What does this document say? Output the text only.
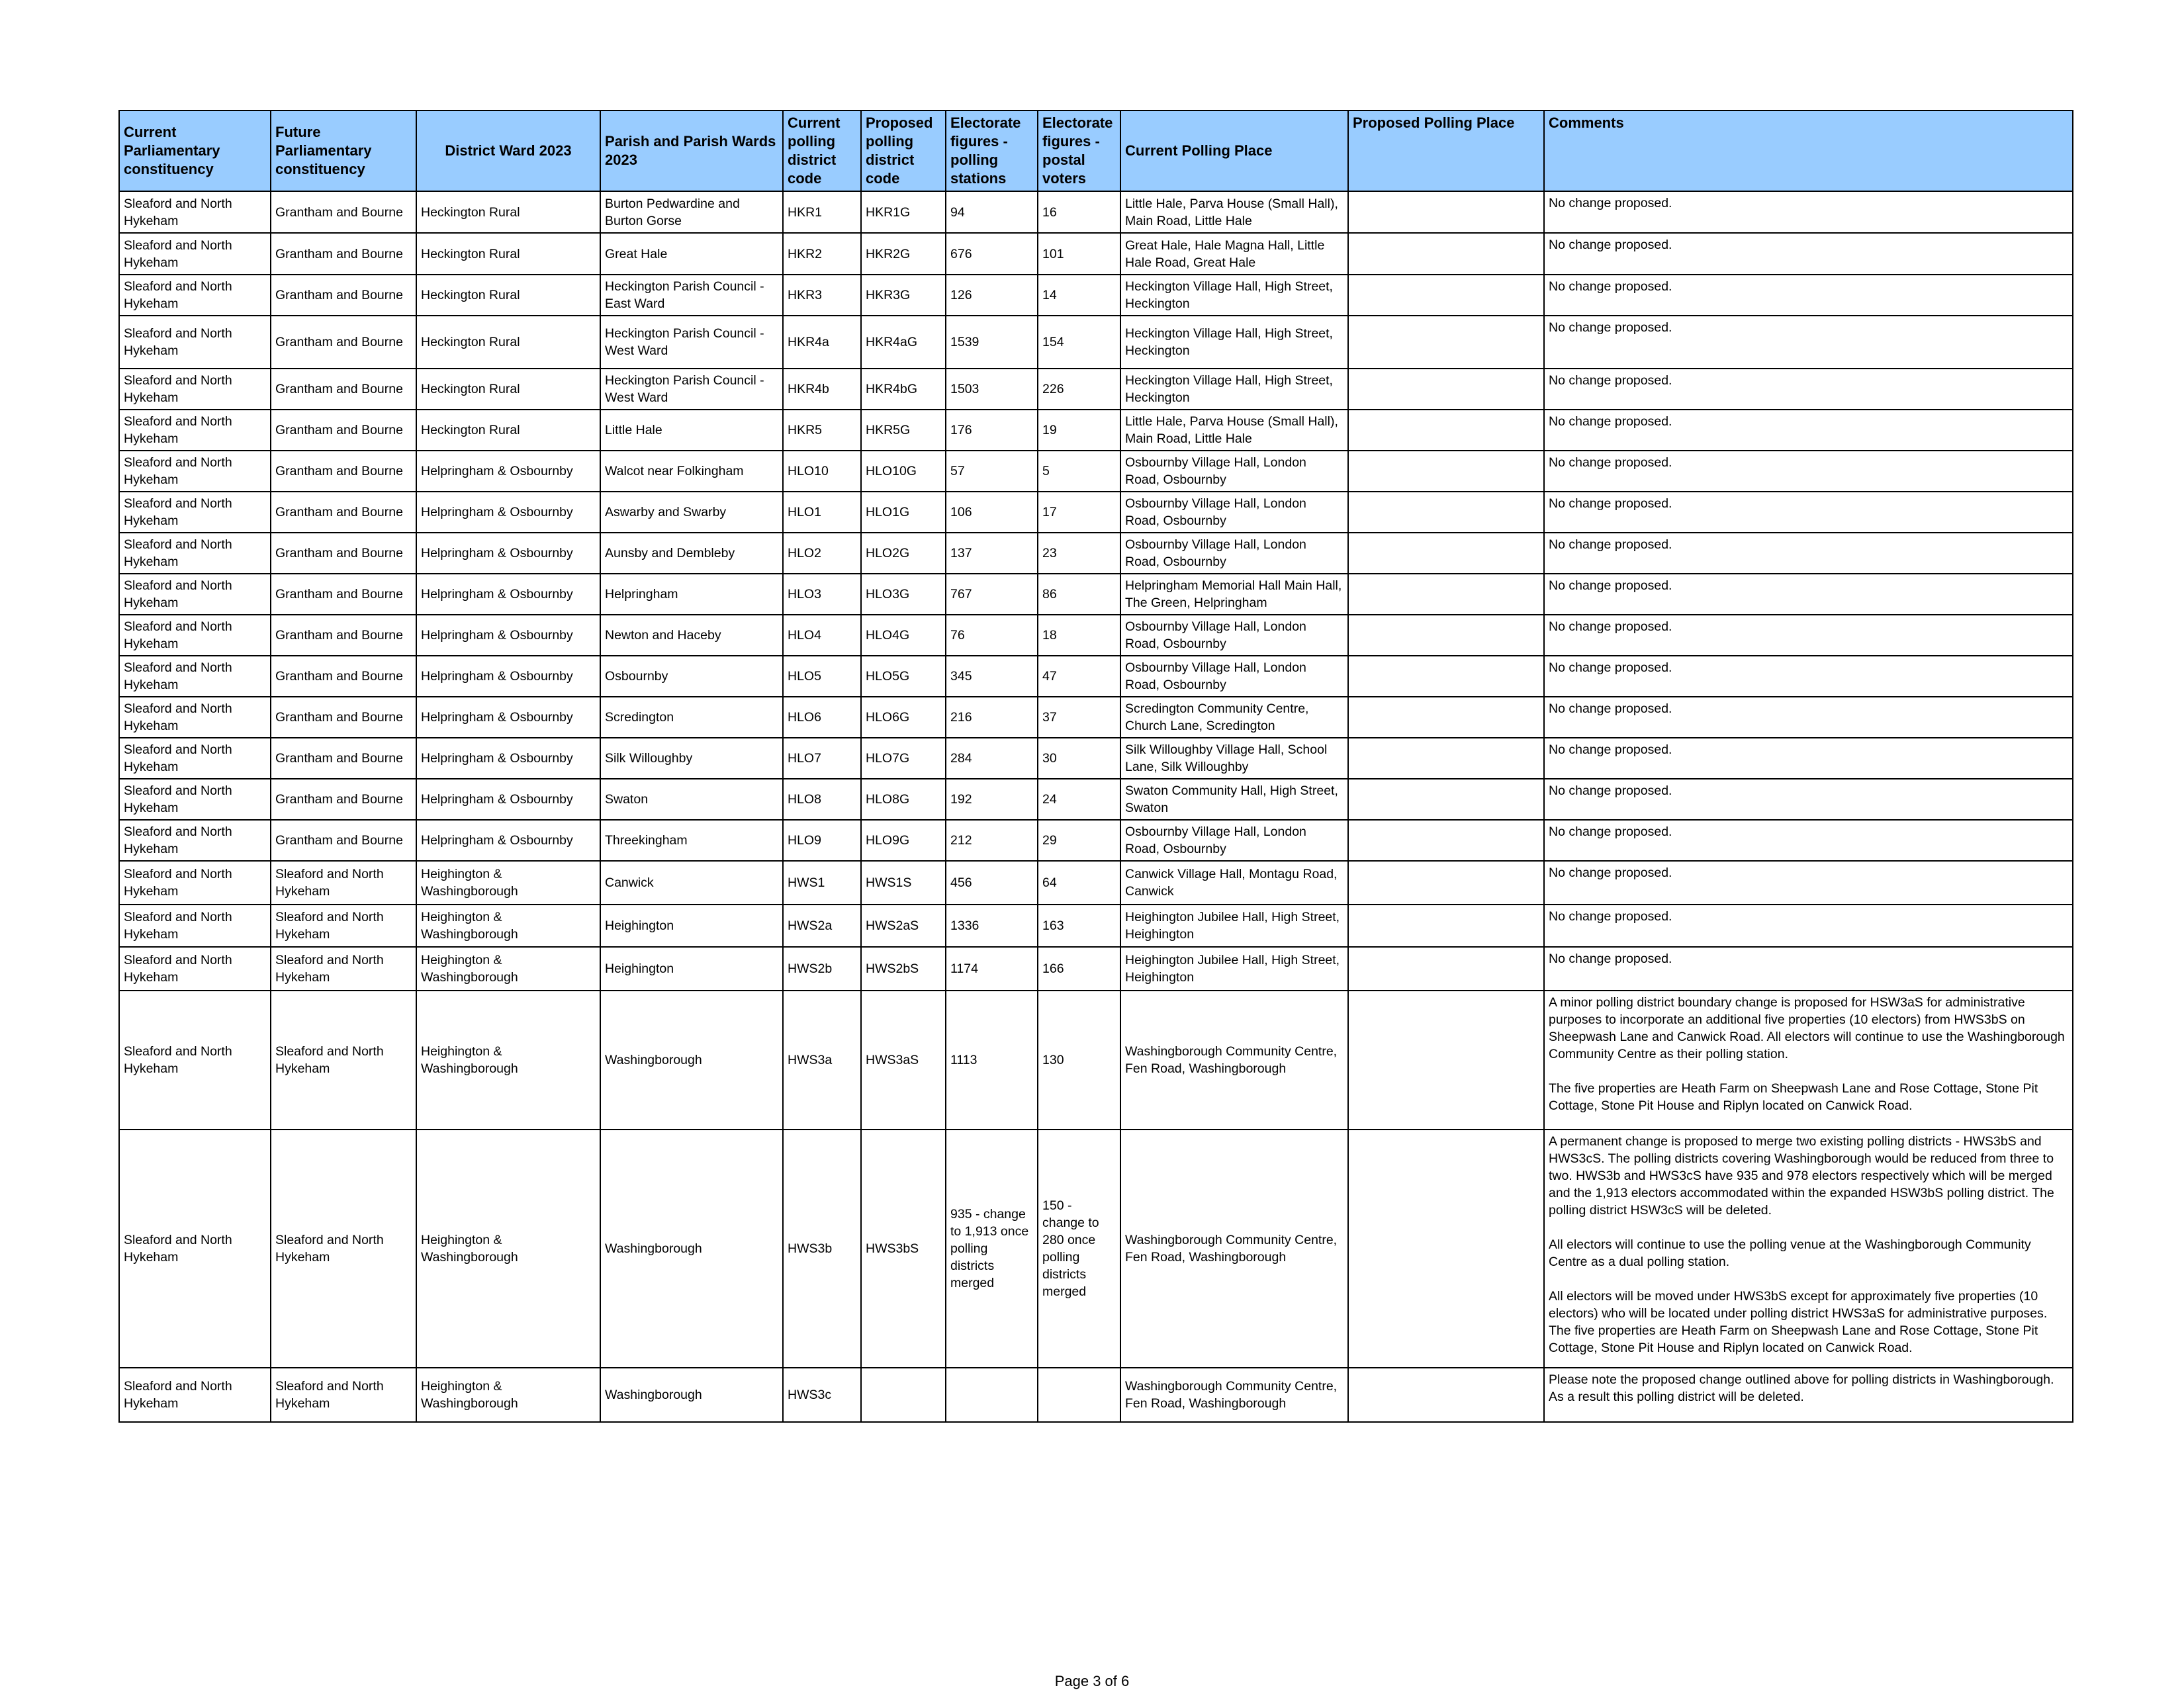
Current Parliamentary constituency	Future Parliamentary constituency	District Ward 2023	Parish and Parish Wards 2023	Current polling district code	Proposed polling district code	Electorate figures - polling stations	Electorate figures - postal voters	Current Polling Place	Proposed Polling Place	Comments
Sleaford and North Hykeham	Grantham and Bourne	Heckington Rural	Burton Pedwardine and Burton Gorse	HKR1	HKR1G	94	16	Little Hale, Parva House (Small Hall), Main Road, Little Hale		No change proposed.
Sleaford and North Hykeham	Grantham and Bourne	Heckington Rural	Great Hale	HKR2	HKR2G	676	101	Great Hale, Hale Magna Hall, Little Hale Road, Great Hale		No change proposed.
Sleaford and North Hykeham	Grantham and Bourne	Heckington Rural	Heckington Parish Council - East Ward	HKR3	HKR3G	126	14	Heckington Village Hall, High Street, Heckington		No change proposed.
Sleaford and North Hykeham	Grantham and Bourne	Heckington Rural	Heckington Parish Council - West Ward	HKR4a	HKR4aG	1539	154	Heckington Village Hall, High Street, Heckington		No change proposed.
Sleaford and North Hykeham	Grantham and Bourne	Heckington Rural	Heckington Parish Council - West Ward	HKR4b	HKR4bG	1503	226	Heckington Village Hall, High Street, Heckington		No change proposed.
Sleaford and North Hykeham	Grantham and Bourne	Heckington Rural	Little Hale	HKR5	HKR5G	176	19	Little Hale, Parva House (Small Hall), Main Road, Little Hale		No change proposed.
Sleaford and North Hykeham	Grantham and Bourne	Helpringham & Osbournby	Walcot near Folkingham	HLO10	HLO10G	57	5	Osbournby Village Hall, London Road, Osbournby		No change proposed.
Sleaford and North Hykeham	Grantham and Bourne	Helpringham & Osbournby	Aswarby and Swarby	HLO1	HLO1G	106	17	Osbournby Village Hall, London Road, Osbournby		No change proposed.
Sleaford and North Hykeham	Grantham and Bourne	Helpringham & Osbournby	Aunsby and Dembleby	HLO2	HLO2G	137	23	Osbournby Village Hall, London Road, Osbournby		No change proposed.
Sleaford and North Hykeham	Grantham and Bourne	Helpringham & Osbournby	Helpringham	HLO3	HLO3G	767	86	Helpringham Memorial Hall Main Hall, The Green, Helpringham		No change proposed.
Sleaford and North Hykeham	Grantham and Bourne	Helpringham & Osbournby	Newton and Haceby	HLO4	HLO4G	76	18	Osbournby Village Hall, London Road, Osbournby		No change proposed.
Sleaford and North Hykeham	Grantham and Bourne	Helpringham & Osbournby	Osbournby	HLO5	HLO5G	345	47	Osbournby Village Hall, London Road, Osbournby		No change proposed.
Sleaford and North Hykeham	Grantham and Bourne	Helpringham & Osbournby	Scredington	HLO6	HLO6G	216	37	Scredington Community Centre, Church Lane, Scredington		No change proposed.
Sleaford and North Hykeham	Grantham and Bourne	Helpringham & Osbournby	Silk Willoughby	HLO7	HLO7G	284	30	Silk Willoughby Village Hall, School Lane, Silk Willoughby		No change proposed.
Sleaford and North Hykeham	Grantham and Bourne	Helpringham & Osbournby	Swaton	HLO8	HLO8G	192	24	Swaton Community Hall, High Street, Swaton		No change proposed.
Sleaford and North Hykeham	Grantham and Bourne	Helpringham & Osbournby	Threekingham	HLO9	HLO9G	212	29	Osbournby Village Hall, London Road, Osbournby		No change proposed.
Sleaford and North Hykeham	Sleaford and North Hykeham	Heighington & Washingborough	Canwick	HWS1	HWS1S	456	64	Canwick Village Hall, Montagu Road, Canwick		No change proposed.
Sleaford and North Hykeham	Sleaford and North Hykeham	Heighington & Washingborough	Heighington	HWS2a	HWS2aS	1336	163	Heighington Jubilee Hall, High Street, Heighington		No change proposed.
Sleaford and North Hykeham	Sleaford and North Hykeham	Heighington & Washingborough	Heighington	HWS2b	HWS2bS	1174	166	Heighington Jubilee Hall, High Street, Heighington		No change proposed.
Sleaford and North Hykeham	Sleaford and North Hykeham	Heighington & Washingborough	Washingborough	HWS3a	HWS3aS	1113	130	Washingborough Community Centre, Fen Road, Washingborough		A minor polling district boundary change is proposed for HSW3aS for administrative purposes to incorporate an additional five properties (10 electors) from HWS3bS on Sheepwash Lane and Canwick Road. All electors will continue to use the Washingborough Community Centre as their polling station.

The five properties are Heath Farm on Sheepwash Lane and Rose Cottage, Stone Pit Cottage, Stone Pit House and Riplyn located on Canwick Road.
Sleaford and North Hykeham	Sleaford and North Hykeham	Heighington & Washingborough	Washingborough	HWS3b	HWS3bS	935 - change to 1,913 once polling districts merged	150 - change to 280 once polling districts merged	Washingborough Community Centre, Fen Road, Washingborough		A permanent change is proposed to merge two existing polling districts - HWS3bS and HWS3cS. The polling districts covering Washingborough would be reduced from three to two. HWS3b and HWS3cS have 935 and 978 electors respectively which will be merged and the 1,913 electors accommodated within the expanded HSW3bS polling district. The polling district HSW3cS will be deleted.

All electors will continue to use the polling venue at the Washingborough Community Centre as a dual polling station.

All electors will be moved under HWS3bS except for approximately five properties (10 electors) who will be located under polling district HWS3aS for administrative purposes. The five properties are Heath Farm on Sheepwash Lane and Rose Cottage, Stone Pit Cottage, Stone Pit House and Riplyn located on Canwick Road.
Sleaford and North Hykeham	Sleaford and North Hykeham	Heighington & Washingborough	Washingborough	HWS3c				Washingborough Community Centre, Fen Road, Washingborough		Please note the proposed change outlined above for polling districts in Washingborough. As a result this polling district will be deleted.
Page 3 of 6
